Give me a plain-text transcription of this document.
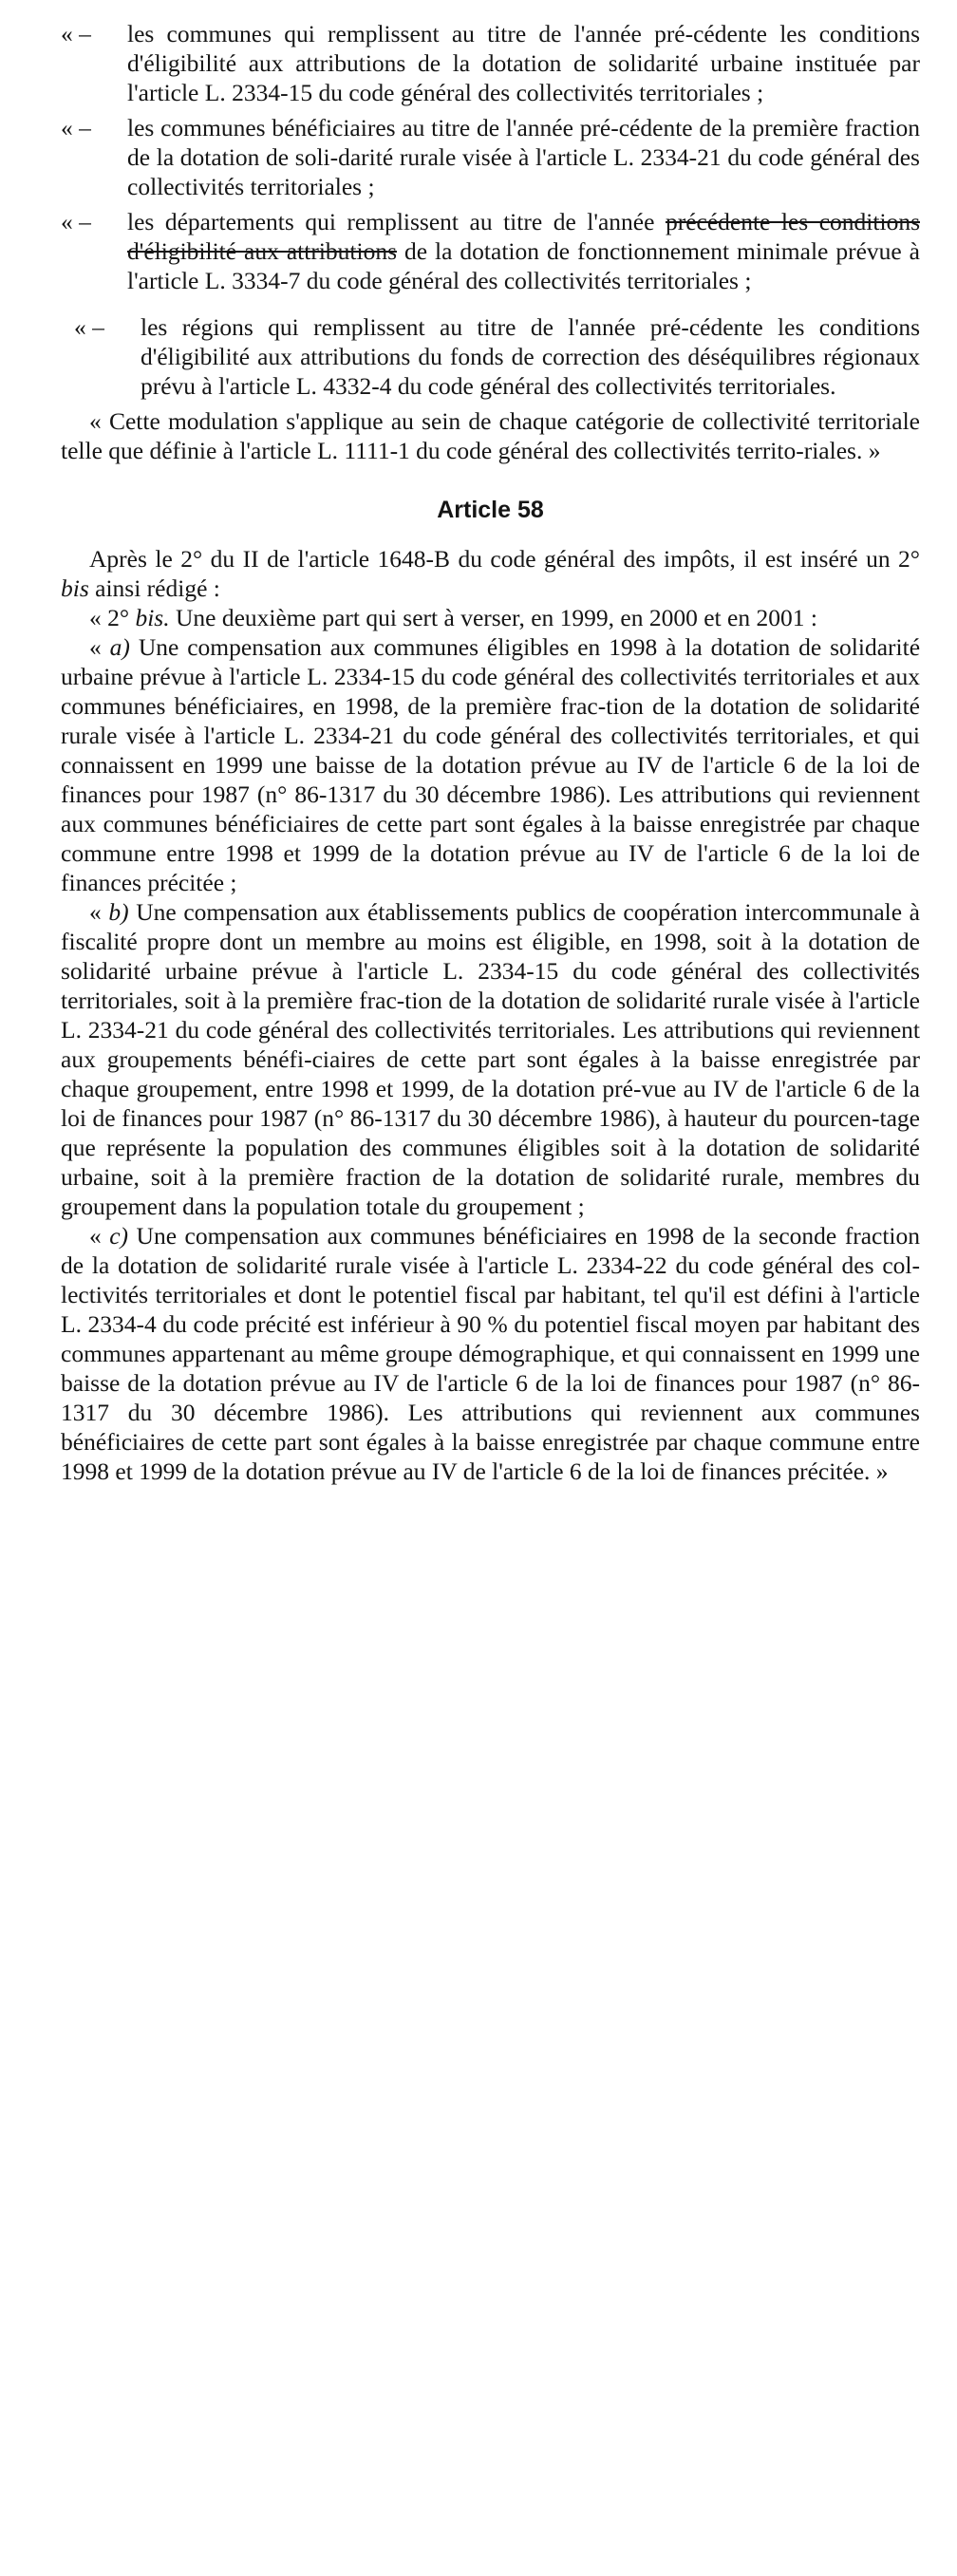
« –	les communes qui remplissent au titre de l'année pré-cédente les conditions d'éligibilité aux attributions de la dotation de solidarité urbaine instituée par l'article L. 2334-15 du code général des collectivités territoriales ;
« –	les communes bénéficiaires au titre de l'année pré-cédente de la première fraction de la dotation de soli-darité rurale visée à l'article L. 2334-21 du code général des collectivités territoriales ;
« –	les départements qui remplissent au titre de l'année précédente les conditions d'éligibilité aux attributions de la dotation de fonctionnement minimale prévue à l'article L. 3334-7 du code général des collectivités territoriales ;
« –	les régions qui remplissent au titre de l'année pré-cédente les conditions d'éligibilité aux attributions du fonds de correction des déséquilibres régionaux prévu à l'article L. 4332-4 du code général des collectivités territoriales.

« Cette modulation s'applique au sein de chaque catégorie de collectivité territoriale telle que définie à l'article L. 1111-1 du code général des collectivités territo-riales. »

Article 58

Après le 2° du II de l'article 1648-B du code général des impôts, il est inséré un 2° bis ainsi rédigé :

« 2° bis. Une deuxième part qui sert à verser, en 1999, en 2000 et en 2001 :

« a) Une compensation aux communes éligibles en 1998 à la dotation de solidarité urbaine prévue à l'article L. 2334-15 du code général des collectivités territoriales et aux communes bénéficiaires, en 1998, de la première frac-tion de la dotation de solidarité rurale visée à l'article L. 2334-21 du code général des collectivités territoriales, et qui connaissent en 1999 une baisse de la dotation prévue au IV de l'article 6 de la loi de finances pour 1987 (n° 86-1317 du 30 décembre 1986). Les attributions qui reviennent aux communes bénéficiaires de cette part sont égales à la baisse enregistrée par chaque commune entre 1998 et 1999 de la dotation prévue au IV de l'article 6 de la loi de finances précitée ;

« b) Une compensation aux établissements publics de coopération intercommunale à fiscalité propre dont un membre au moins est éligible, en 1998, soit à la dotation de solidarité urbaine prévue à l'article L. 2334-15 du code général des collectivités territoriales, soit à la première frac-tion de la dotation de solidarité rurale visée à l'article L. 2334-21 du code général des collectivités territoriales. Les attributions qui reviennent aux groupements bénéfi-ciaires de cette part sont égales à la baisse enregistrée par chaque groupement, entre 1998 et 1999, de la dotation pré-vue au IV de l'article 6 de la loi de finances pour 1987 (n° 86-1317 du 30 décembre 1986), à hauteur du pourcen-tage que représente la population des communes éligibles soit à la dotation de solidarité urbaine, soit à la première fraction de la dotation de solidarité rurale, membres du groupement dans la population totale du groupement ;

« c) Une compensation aux communes bénéficiaires en 1998 de la seconde fraction de la dotation de solidarité rurale visée à l'article L. 2334-22 du code général des col-lectivités territoriales et dont le potentiel fiscal par habitant, tel qu'il est défini à l'article L. 2334-4 du code précité est inférieur à 90 % du potentiel fiscal moyen par habitant des communes appartenant au même groupe démographique, et qui connaissent en 1999 une baisse de la dotation prévue au IV de l'article 6 de la loi de finances pour 1987 (n° 86-1317 du 30 décembre 1986). Les attributions qui reviennent aux communes bénéficiaires de cette part sont égales à la baisse enregistrée par chaque commune entre 1998 et 1999 de la dotation prévue au IV de l'article 6 de la loi de finances précitée. »
